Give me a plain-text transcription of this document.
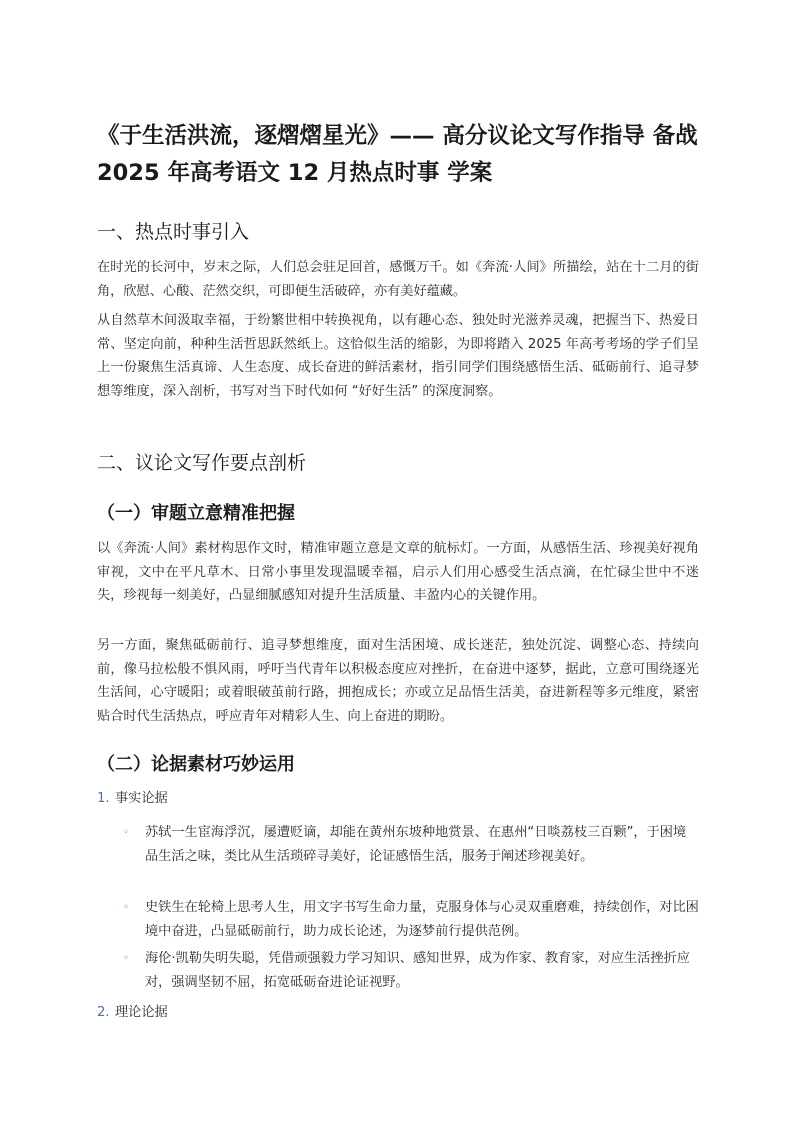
《于生活洪流，逐熠熠星光》—— 高分议论文写作指导 备战 2025 年高考语文 12 月热点时事 学案
一、热点时事引入

在时光的长河中，岁末之际，人们总会驻足回首，感慨万千。如《奔流·人间》所描绘，站在十二月的街角，欣慰、心酸、茫然交织，可即便生活破碎，亦有美好蕴藏。

从自然草木间汲取幸福，于纷繁世相中转换视角，以有趣心态、独处时光滋养灵魂，把握当下、热爱日常、坚定向前，种种生活哲思跃然纸上。这恰似生活的缩影，为即将踏入 2025 年高考考场的学子们呈上一份聚焦生活真谛、人生态度、成长奋进的鲜活素材，指引同学们围绕感悟生活、砥砺前行、追寻梦想等维度，深入剖析，书写对当下时代如何 “好好生活” 的深度洞察。

二、议论文写作要点剖析
（一）审题立意精准把握

以《奔流·人间》素材构思作文时，精准审题立意是文章的航标灯。一方面，从感悟生活、珍视美好视角审视，文中在平凡草木、日常小事里发现温暖幸福，启示人们用心感受生活点滴，在忙碌尘世中不迷失，珍视每一刻美好，凸显细腻感知对提升生活质量、丰盈内心的关键作用。

另一方面，聚焦砥砺前行、追寻梦想维度，面对生活困境、成长迷茫，独处沉淀、调整心态、持续向前，像马拉松般不惧风雨，呼吁当代青年以积极态度应对挫折，在奋进中逐梦，据此，立意可围绕逐光生活间，心守暖阳；或着眼破茧前行路，拥抱成长；亦或立足品悟生活美，奋进新程等多元维度，紧密贴合时代生活热点，呼应青年对精彩人生、向上奋进的期盼。

（二）论据素材巧妙运用
1. 事实论据
◦ 苏轼一生宦海浮沉，屡遭贬谪，却能在黄州东坡种地赏景、在惠州“日啖荔枝三百颗”，于困境品生活之味，类比从生活琐碎寻美好，论证感悟生活，服务于阐述珍视美好。
◦ 史铁生在轮椅上思考人生，用文字书写生命力量，克服身体与心灵双重磨难，持续创作，对比困境中奋进，凸显砥砺前行，助力成长论述，为逐梦前行提供范例。
◦ 海伦·凯勒失明失聪，凭借顽强毅力学习知识、感知世界，成为作家、教育家，对应生活挫折应对，强调坚韧不屈，拓宽砥砺奋进论证视野。
2. 理论论据
